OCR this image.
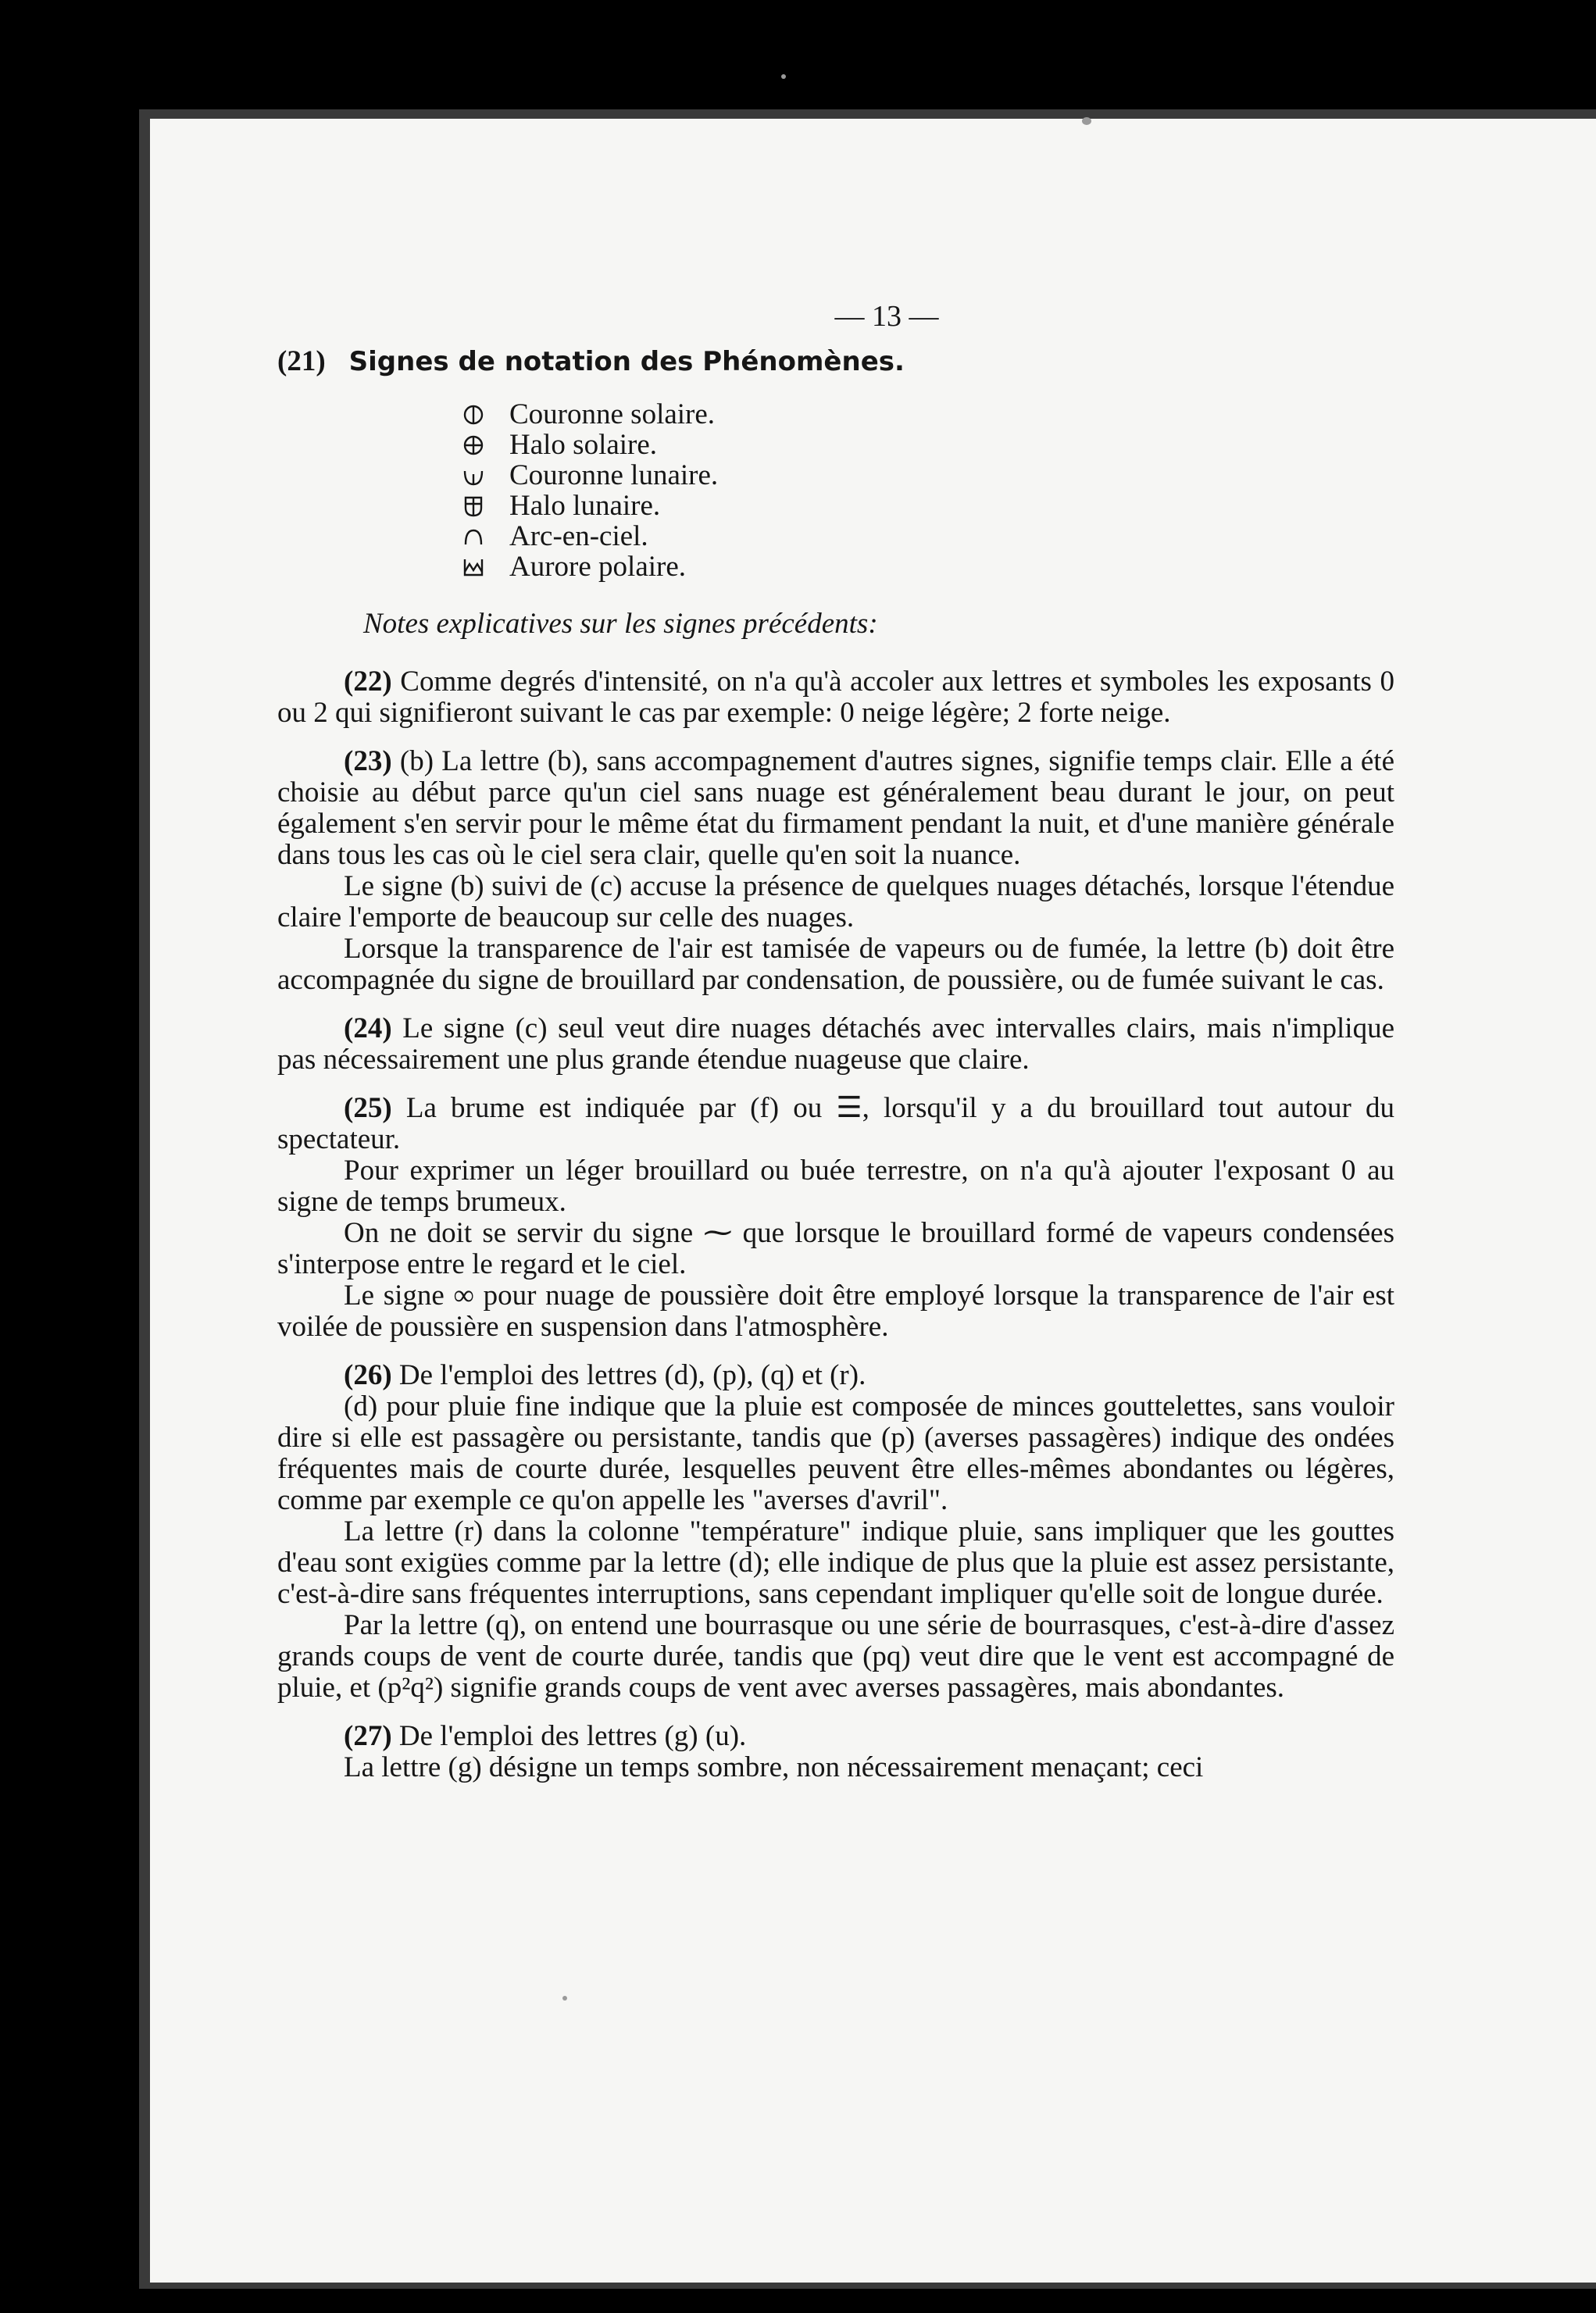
— 13 —
(21) Signes de notation des Phénomènes.
Couronne solaire.
Halo solaire.
Couronne lunaire.
Halo lunaire.
Arc-en-ciel.
Aurore polaire.
Notes explicatives sur les signes précédents:

(22) Comme degrés d'intensité, on n'a qu'à accoler aux lettres et symboles les exposants 0 ou 2 qui signifieront suivant le cas par exemple: 0 neige légère; 2 forte neige.

(23) (b) La lettre (b), sans accompagnement d'autres signes, signifie temps clair. Elle a été choisie au début parce qu'un ciel sans nuage est généralement beau durant le jour, on peut également s'en servir pour le même état du firmament pendant la nuit, et d'une manière générale dans tous les cas où le ciel sera clair, quelle qu'en soit la nuance.

Le signe (b) suivi de (c) accuse la présence de quelques nuages détachés, lorsque l'étendue claire l'emporte de beaucoup sur celle des nuages.

Lorsque la transparence de l'air est tamisée de vapeurs ou de fumée, la lettre (b) doit être accompagnée du signe de brouillard par condensation, de poussière, ou de fumée suivant le cas.

(24) Le signe (c) seul veut dire nuages détachés avec intervalles clairs, mais n'implique pas nécessairement une plus grande étendue nuageuse que claire.

(25) La brume est indiquée par (f) ou ☰, lorsqu'il y a du brouillard tout autour du spectateur.

Pour exprimer un léger brouillard ou buée terrestre, on n'a qu'à ajouter l'exposant 0 au signe de temps brumeux.

On ne doit se servir du signe ⁓ que lorsque le brouillard formé de vapeurs condensées s'interpose entre le regard et le ciel.

Le signe ∞ pour nuage de poussière doit être employé lorsque la transparence de l'air est voilée de poussière en suspension dans l'atmosphère.

(26) De l'emploi des lettres (d), (p), (q) et (r).

(d) pour pluie fine indique que la pluie est composée de minces gouttelettes, sans vouloir dire si elle est passagère ou persistante, tandis que (p) (averses passagères) indique des ondées fréquentes mais de courte durée, lesquelles peuvent être elles-mêmes abondantes ou légères, comme par exemple ce qu'on appelle les "averses d'avril".

La lettre (r) dans la colonne "température" indique pluie, sans impliquer que les gouttes d'eau sont exigües comme par la lettre (d); elle indique de plus que la pluie est assez persistante, c'est-à-dire sans fréquentes interruptions, sans cependant impliquer qu'elle soit de longue durée.

Par la lettre (q), on entend une bourrasque ou une série de bourrasques, c'est-à-dire d'assez grands coups de vent de courte durée, tandis que (pq) veut dire que le vent est accompagné de pluie, et (p²q²) signifie grands coups de vent avec averses passagères, mais abondantes.

(27) De l'emploi des lettres (g) (u).

La lettre (g) désigne un temps sombre, non nécessairement menaçant; ceci
